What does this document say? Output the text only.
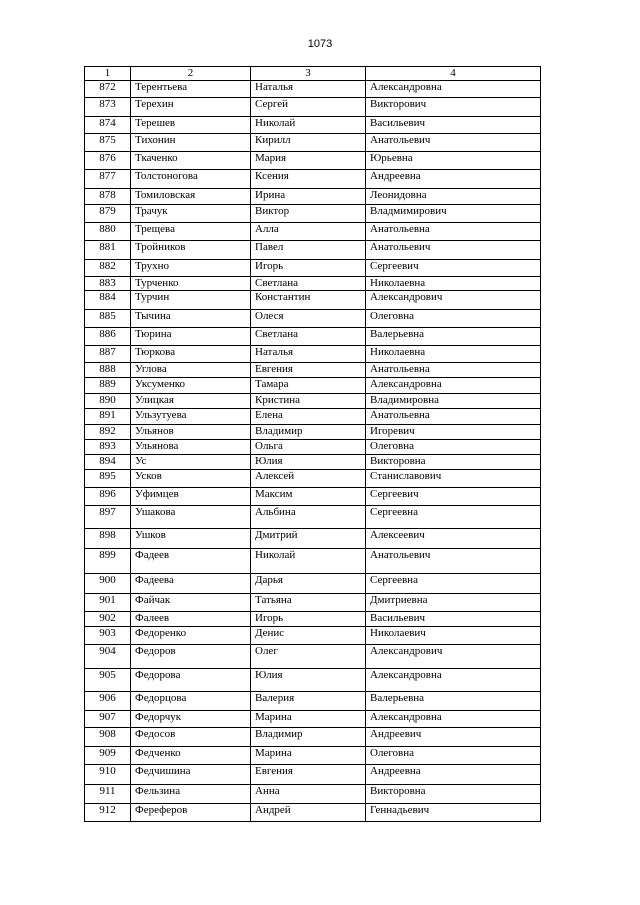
1073
1	2	3	4
872	Терентьева	Наталья	Александровна
873	Терехин	Сергей	Викторович
874	Терешев	Николай	Васильевич
875	Тихонин	Кирилл	Анатольевич
876	Ткаченко	Мария	Юрьевна
877	Толстоногова	Ксения	Андреевна
878	Томиловская	Ирина	Леонидовна
879	Трачук	Виктор	Владмимирович
880	Трещева	Алла	Анатольевна
881	Тройников	Павел	Анатольевич
882	Трухно	Игорь	Сергеевич
883	Турченко	Светлана	Николаевна
884	Турчин	Константин	Александрович
885	Тычина	Олеся	Олеговна
886	Тюрина	Светлана	Валерьевна
887	Тюркова	Наталья	Николаевна
888	Углова	Евгения	Анатольевна
889	Уксуменко	Тамара	Александровна
890	Улицкая	Кристина	Владимировна
891	Ульзутуева	Елена	Анатольевна
892	Ульянов	Владимир	Игоревич
893	Ульянова	Ольга	Олеговна
894	Ус	Юлия	Викторовна
895	Усков	Алексей	Станиславович
896	Уфимцев	Максим	Сергеевич
897	Ушакова	Альбина	Сергеевна
898	Ушков	Дмитрий	Алексеевич
899	Фадеев	Николай	Анатольевич
900	Фадеева	Дарья	Сергеевна
901	Файчак	Татьяна	Дмитриевна
902	Фалеев	Игорь	Васильевич
903	Федоренко	Денис	Николаевич
904	Федоров	Олег	Александрович
905	Федорова	Юлия	Александровна
906	Федорцова	Валерия	Валерьевна
907	Федорчук	Марина	Александровна
908	Федосов	Владимир	Андреевич
909	Федченко	Марина	Олеговна
910	Федчишина	Евгения	Андреевна
911	Фельзина	Анна	Викторовна
912	Фереферов	Андрей	Геннадьевич
